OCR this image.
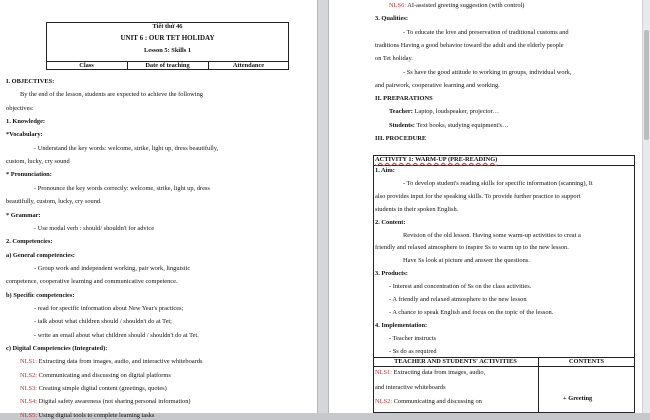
Tiết thứ 46
UNIT 6 : OUR TET HOLIDAY
Lesson 5: Skills 1
Class	Date of teaching	Attendance
I. OBJECTIVES:
By the end of the lesson, students are expected to achieve the following
objectives:
1. Knowledge:
*Vocabulary:
- Understand the key words: welcome, strike, light up, dress beautifully,
custom, lucky, cry sound
* Pronunciation:
- Pronounce the key words correctly: welcome, strike, light up, dress
beautifully, custom, lucky, cry sound.
* Grammar:
- Use modal verb : should/ shouldn't for advice
2. Competencies:
a) General competencies:
- Group work and independent working, pair work, linguistic
competence, cooperative learning and communicative competence.
b) Specific competencies:
- read for specific information about New Year's practices;
- talk about what children should / shouldn't do at Tet;
- write an email about what children should / shouldn't do at Tet.
c) Digital Competencies (Integrated):
NLS1: Extracting data from images, audio, and interactive whiteboards
NLS2: Communicating and discussing on digital platforms
NLS3: Creating simple digital content (greetings, quotes)
NLS4: Digital safety awareness (not sharing personal information)
NLS5: Using digital tools to complete learning tasks
NLS6: AI-assisted greeting suggestion (with control)
3. Qualities:
- To educate the love and preservation of traditional customs and
traditions Having a good behavior toward the adult and the elderly people
on Tet holiday.
- Ss have the good attitude to working in groups, individual work,
and pairwork, cooperative learning and working.
II. PREPARATIONS
Teacher: Laptop, loudspeaker, projector…
Students: Text books, studying equipment's…
III. PROCEDURE
ACTIVITY 1: WARM-UP (PRE-READING)
1. Aim:
- To develop student's reading skills for specific information (scanning), It
also provides input for the speaking skills. To provide further practice to support
students in their spoken English.
2. Content:
Revision of the old lesson. Having some warm-up activities to creat a
friendly and relaxed atmosphere to inspire Ss to warm up to the new lesson.
Have Ss look at picture and answer the questions.
3. Products:
- Interest and concentration of Ss on the class activities.
- A friendly and relaxed atmosphere to the new lesson
- A chance to speak English and focus on the topic of the lesson.
4. Implementation:
- Teacher instructs
- Ss do as required
TEACHER AND STUDENTS' ACTIVITIES	CONTENTS
NLS1: Extracting data from images, audio,
and interactive whiteboards
NLS2: Communicating and discussing on	+ Greeting
